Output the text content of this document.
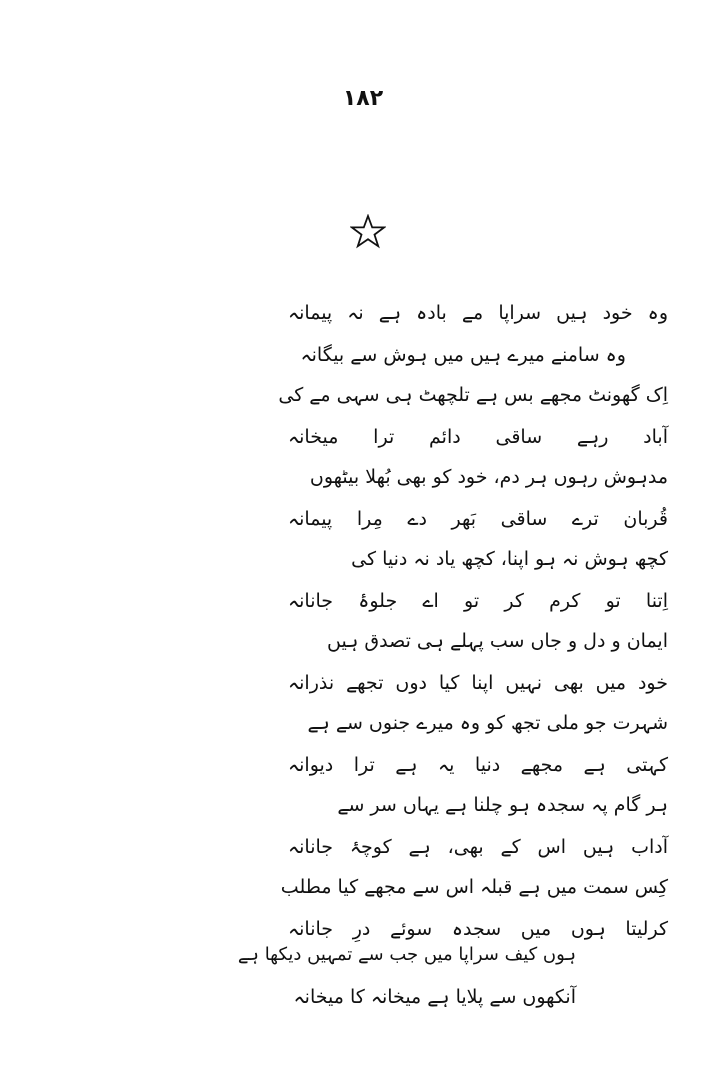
۱۸۲
وہ خود ہیں سراپا مے بادہ ہے نہ پیمانہ
وہ سامنے میرے ہیں میں ہوش سے بیگانہ
اِک گھونٹ مجھے بس ہے تلچھٹ ہی سہی مے کی
آباد رہے ساقی دائم ترا میخانہ
مدہوش رہوں ہر دم، خود کو بھی بُھلا بیٹھوں
قُربان ترے ساقی بَھر دے مِرا پیمانہ
کچھ ہوش نہ ہو اپنا، کچھ یاد نہ دنیا کی
اِتنا تو کرم کر تو اے جلوۂ جانانہ
ایمان و دل و جاں سب پہلے ہی تصدق ہیں
خود میں بھی نہیں اپنا کیا دوں تجھے نذرانہ
شہرت جو ملی تجھ کو وہ میرے جنوں سے ہے
کہتی ہے مجھے دنیا یہ ہے ترا دیوانہ
ہر گام پہ سجدہ ہو چلنا ہے یہاں سر سے
آداب ہیں اس کے بھی، ہے کوچۂ جانانہ
کِس سمت میں ہے قبلہ اس سے مجھے کیا مطلب
کرلیتا ہوں میں سجدہ سوئے درِ جانانہ
ہوں کیف سراپا میں جب سے تمہیں دیکھا ہے
آنکھوں سے پلایا ہے میخانہ کا میخانہ
